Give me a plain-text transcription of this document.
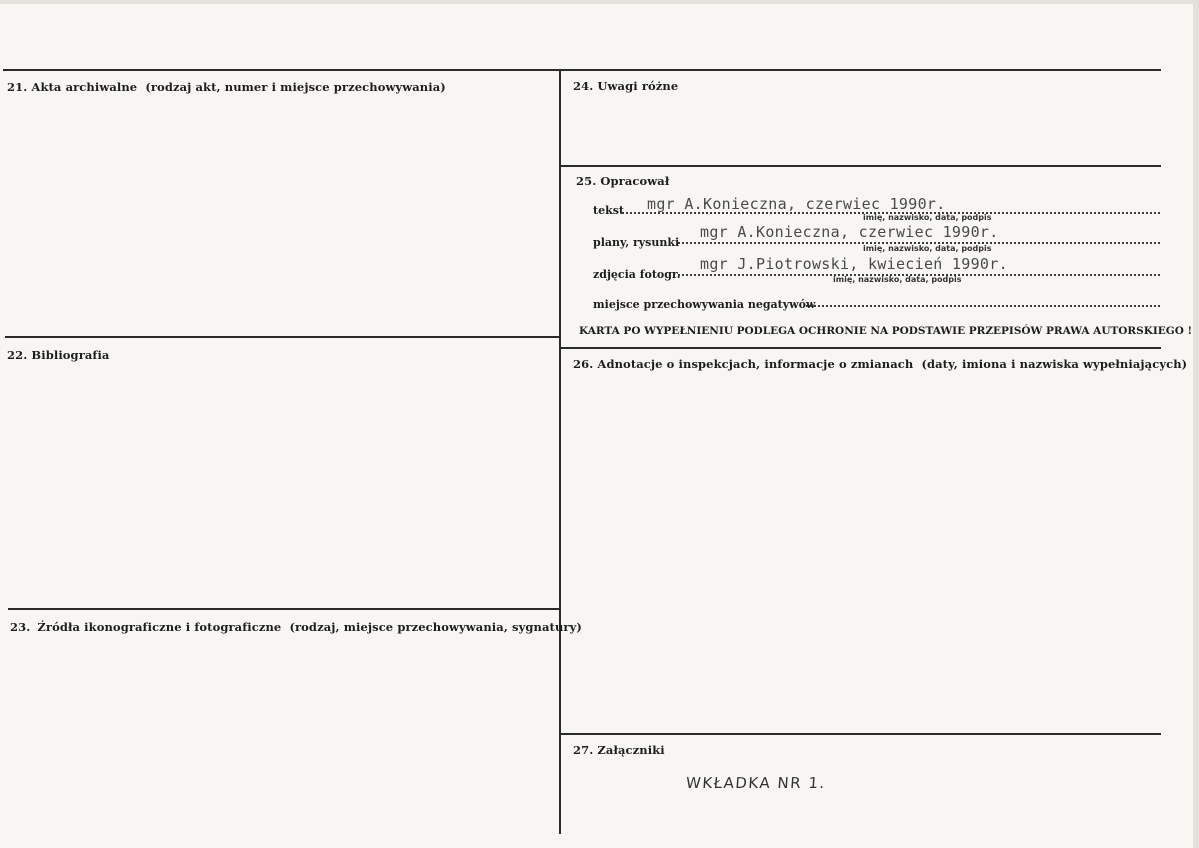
21. Akta archiwalne (rodzaj akt, numer i miejsce przechowywania)
22. Bibliografia
23. Źródła ikonograficzne i fotograficzne (rodzaj, miejsce przechowywania, sygnatury)
24. Uwagi różne
25. Opracował
tekst mgr A.Konieczna, czerwiec 1990r.
imię, nazwisko, data, podpis
plany, rysunki
mgr A.Konieczna, czerwiec 1990r.
imię, nazwisko, data, podpis
zdjęcia fotogr.
mgr J.Piotrowski, kwiecień 1990r.
imię, nazwisko, data, podpis
miejsce przechowywania negatywów
KARTA PO WYPEŁNIENIU PODLEGA OCHRONIE NA PODSTAWIE PRZEPISÓW PRAWA AUTORSKIEGO !
26. Adnotacje o inspekcjach, informacje o zmianach (daty, imiona i nazwiska wypełniających)
27. Załączniki
WKŁADKA NR 1.
